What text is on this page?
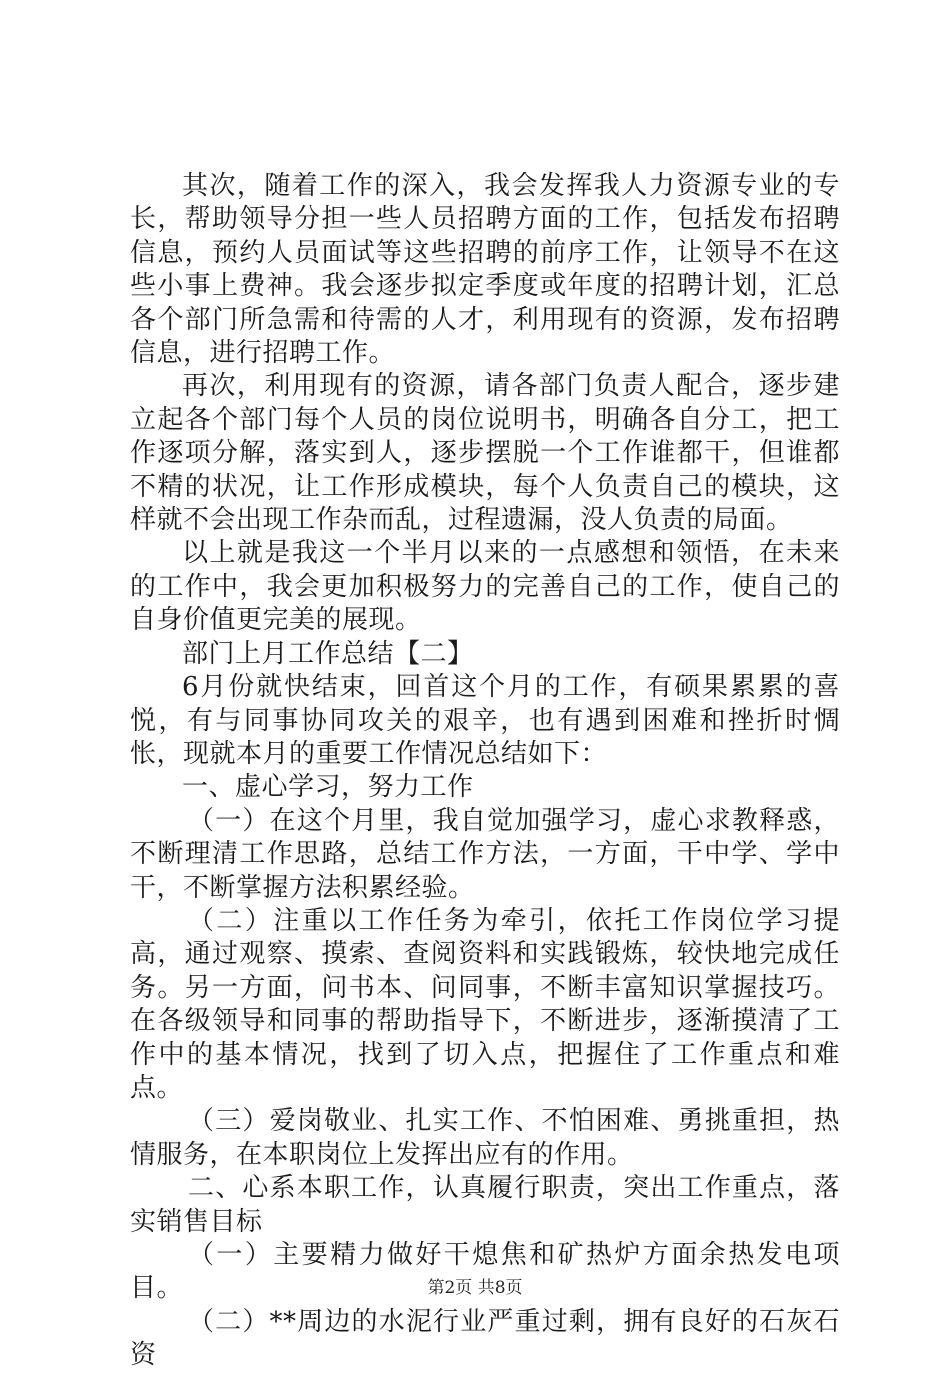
其次，随着工作的深入，我会发挥我人力资源专业的专长，帮助领导分担一些人员招聘方面的工作，包括发布招聘信息，预约人员面试等这些招聘的前序工作，让领导不在这些小事上费神。我会逐步拟定季度或年度的招聘计划，汇总各个部门所急需和待需的人才，利用现有的资源，发布招聘信息，进行招聘工作。

再次，利用现有的资源，请各部门负责人配合，逐步建立起各个部门每个人员的岗位说明书，明确各自分工，把工作逐项分解，落实到人，逐步摆脱一个工作谁都干，但谁都不精的状况，让工作形成模块，每个人负责自己的模块，这样就不会出现工作杂而乱，过程遗漏，没人负责的局面。

以上就是我这一个半月以来的一点感想和领悟，在未来的工作中，我会更加积极努力的完善自己的工作，使自己的自身价值更完美的展现。

部门上月工作总结【二】

6月份就快结束，回首这个月的工作，有硕果累累的喜悦，有与同事协同攻关的艰辛，也有遇到困难和挫折时惆怅，现就本月的重要工作情况总结如下：

一、虚心学习，努力工作

（一）在这个月里，我自觉加强学习，虚心求教释惑，不断理清工作思路，总结工作方法，一方面，干中学、学中干，不断掌握方法积累经验。

（二）注重以工作任务为牵引，依托工作岗位学习提高，通过观察、摸索、查阅资料和实践锻炼，较快地完成任务。另一方面，问书本、问同事，不断丰富知识掌握技巧。在各级领导和同事的帮助指导下，不断进步，逐渐摸清了工作中的基本情况，找到了切入点，把握住了工作重点和难点。

（三）爱岗敬业、扎实工作、不怕困难、勇挑重担，热情服务，在本职岗位上发挥出应有的作用。

二、心系本职工作，认真履行职责，突出工作重点，落实销售目标

（一）主要精力做好干熄焦和矿热炉方面余热发电项目。

（二）**周边的水泥行业严重过剩，拥有良好的石灰石资

第2页 共8页
